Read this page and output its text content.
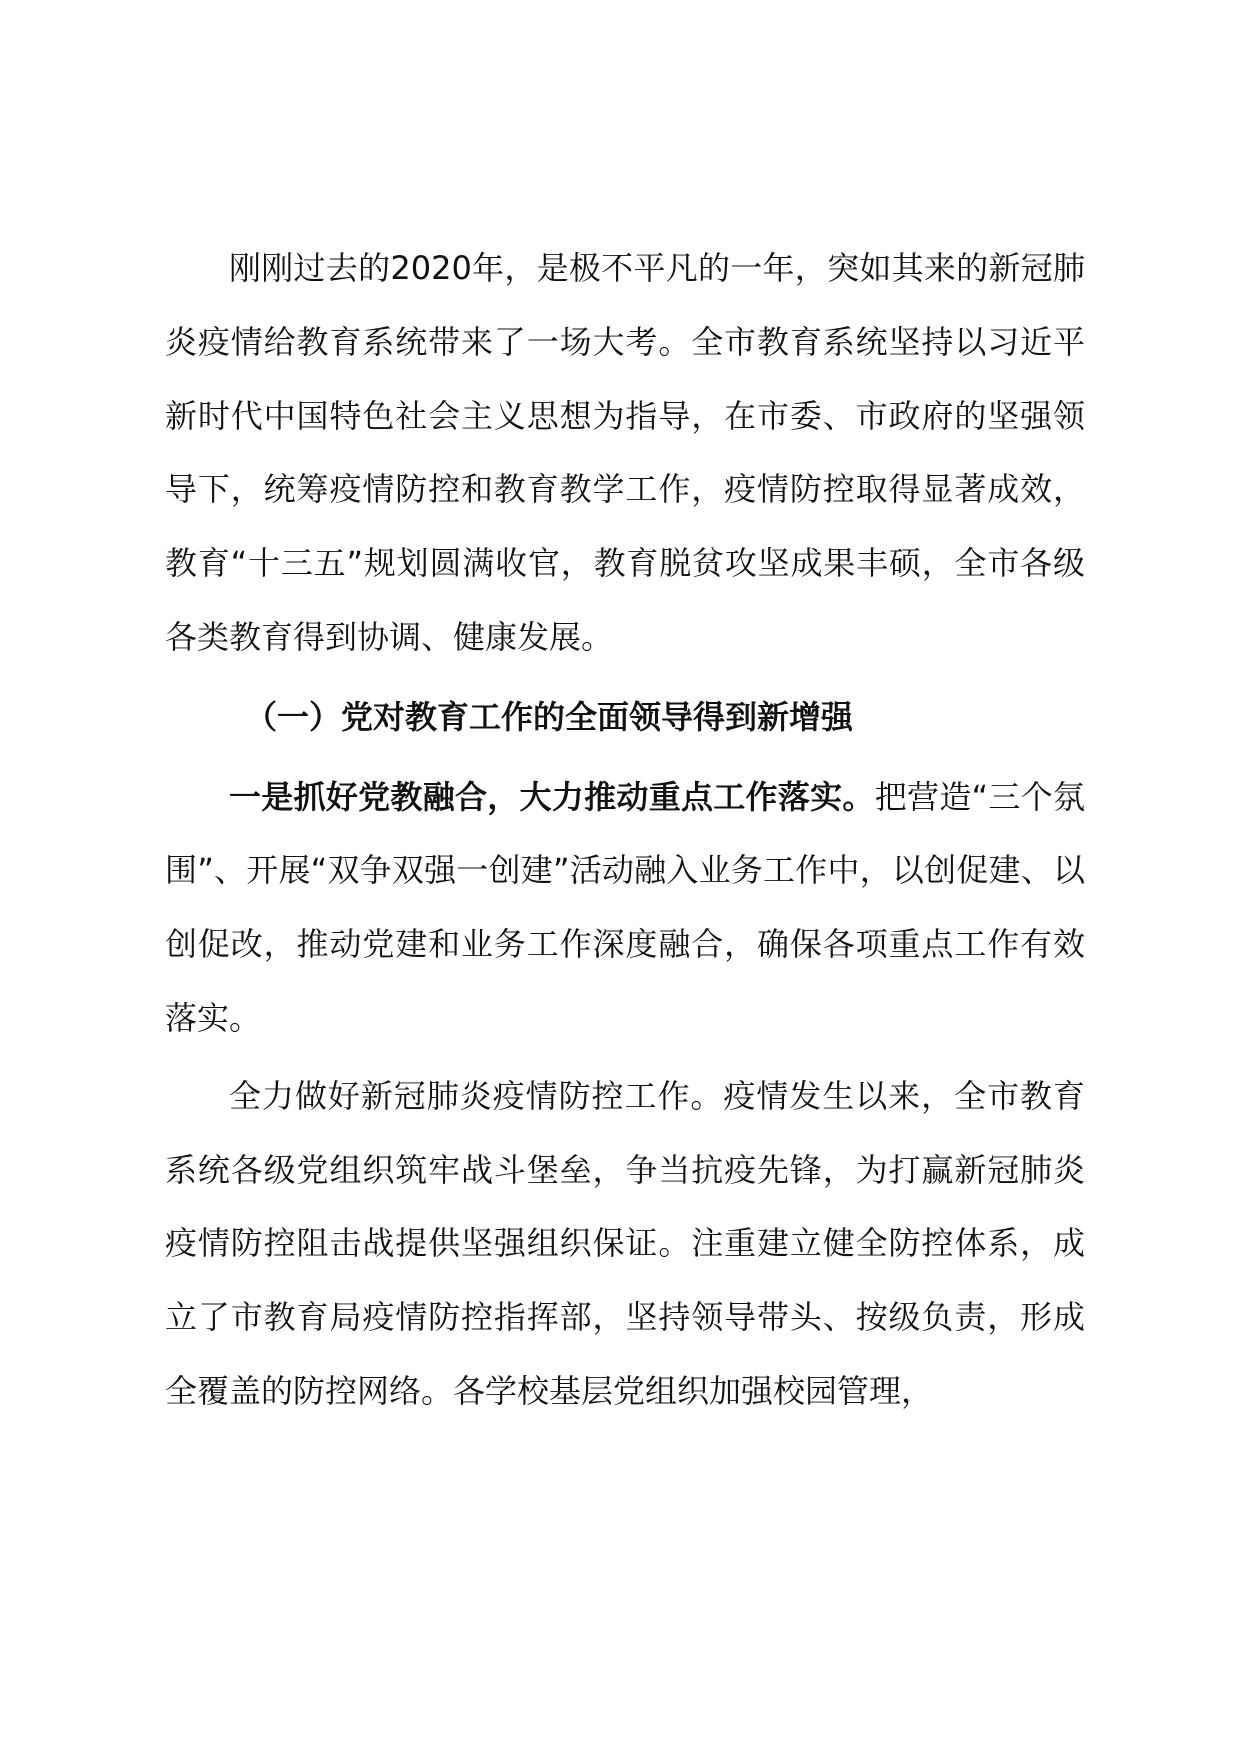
刚刚过去的2020年，是极不平凡的一年，突如其来的新冠肺炎疫情给教育系统带来了一场大考。全市教育系统坚持以习近平新时代中国特色社会主义思想为指导，在市委、市政府的坚强领导下，统筹疫情防控和教育教学工作，疫情防控取得显著成效，教育“十三五”规划圆满收官，教育脱贫攻坚成果丰硕，全市各级各类教育得到协调、健康发展。

（一）党对教育工作的全面领导得到新增强

一是抓好党教融合，大力推动重点工作落实。把营造“三个氛围”、开展“双争双强一创建”活动融入业务工作中，以创促建、以创促改，推动党建和业务工作深度融合，确保各项重点工作有效落实。

全力做好新冠肺炎疫情防控工作。疫情发生以来，全市教育系统各级党组织筑牢战斗堡垒，争当抗疫先锋，为打赢新冠肺炎疫情防控阻击战提供坚强组织保证。注重建立健全防控体系，成立了市教育局疫情防控指挥部，坚持领导带头、按级负责，形成全覆盖的防控网络。各学校基层党组织加强校园管理，
